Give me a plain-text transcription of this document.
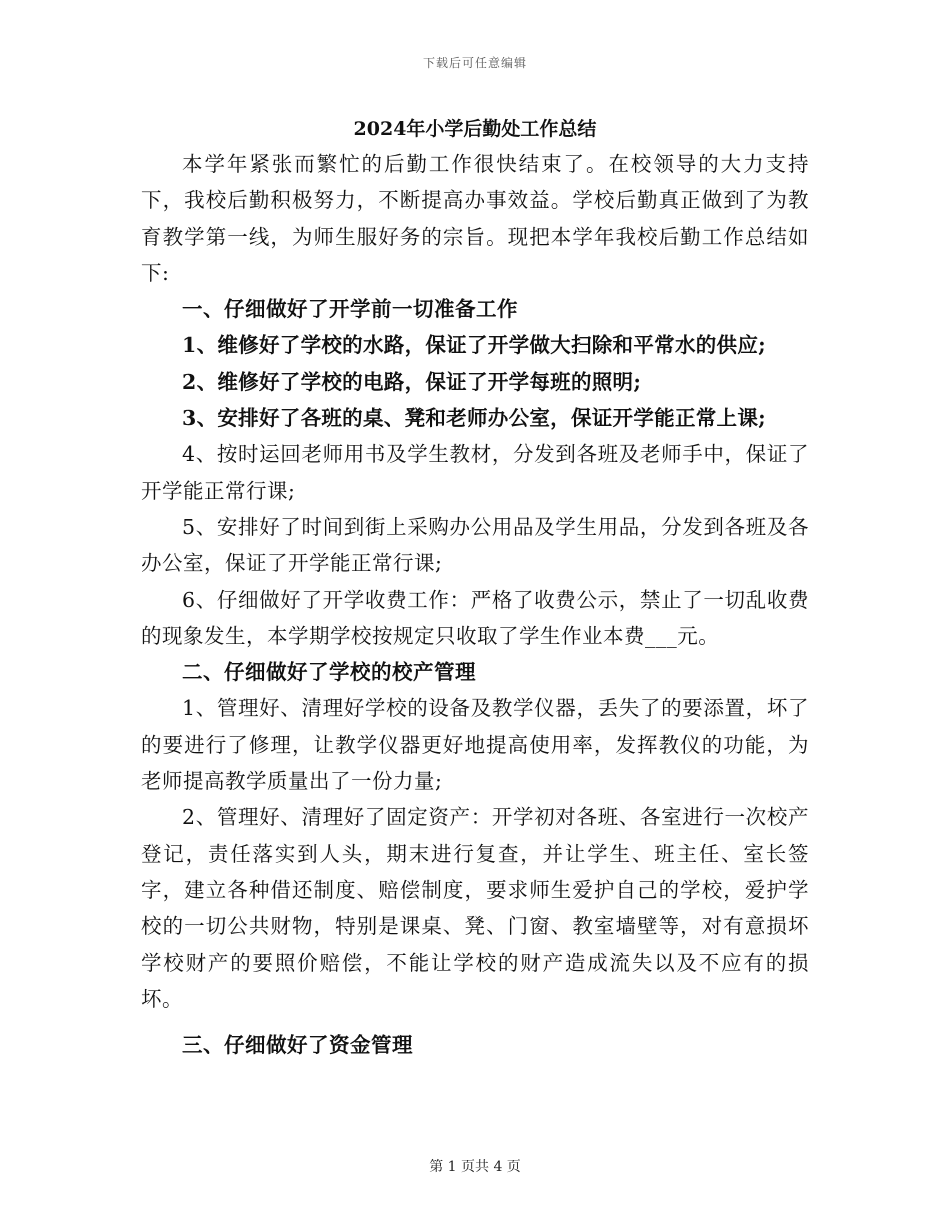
下载后可任意编辑
2024年小学后勤处工作总结

本学年紧张而繁忙的后勤工作很快结束了。在校领导的大力支持下，我校后勤积极努力，不断提高办事效益。学校后勤真正做到了为教育教学第一线，为师生服好务的宗旨。现把本学年我校后勤工作总结如下:

一、仔细做好了开学前一切准备工作

1、维修好了学校的水路，保证了开学做大扫除和平常水的供应;

2、维修好了学校的电路，保证了开学每班的照明;

3、安排好了各班的桌、凳和老师办公室，保证开学能正常上课;

4、按时运回老师用书及学生教材，分发到各班及老师手中，保证了开学能正常行课;

5、安排好了时间到街上采购办公用品及学生用品，分发到各班及各办公室，保证了开学能正常行课;

6、仔细做好了开学收费工作：严格了收费公示，禁止了一切乱收费的现象发生，本学期学校按规定只收取了学生作业本费___元。

二、仔细做好了学校的校产管理

1、管理好、清理好学校的设备及教学仪器，丢失了的要添置，坏了的要进行了修理，让教学仪器更好地提高使用率，发挥教仪的功能，为老师提高教学质量出了一份力量;

2、管理好、清理好了固定资产：开学初对各班、各室进行一次校产登记，责任落实到人头，期末进行复查，并让学生、班主任、室长签字，建立各种借还制度、赔偿制度，要求师生爱护自己的学校，爱护学校的一切公共财物，特别是课桌、凳、门窗、教室墙壁等，对有意损坏学校财产的要照价赔偿，不能让学校的财产造成流失以及不应有的损坏。

三、仔细做好了资金管理

第 1 页共 4 页
